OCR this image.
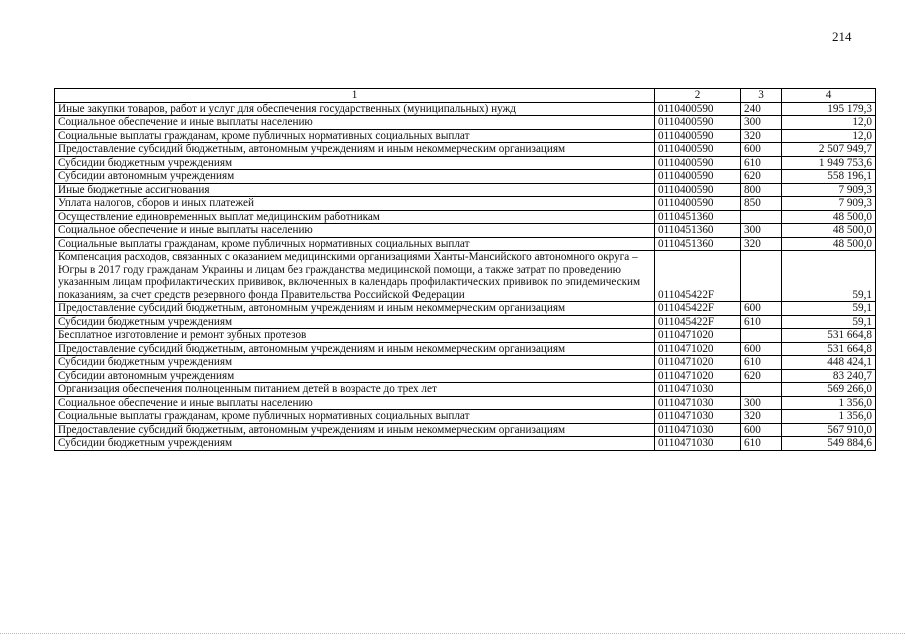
214
1	2	3	4
Иные закупки товаров, работ и услуг для обеспечения государственных (муниципальных) нужд	0110400590	240	195 179,3
Социальное обеспечение и иные выплаты населению	0110400590	300	12,0
Социальные выплаты гражданам, кроме публичных нормативных социальных выплат	0110400590	320	12,0
Предоставление субсидий бюджетным, автономным учреждениям и иным некоммерческим организациям	0110400590	600	2 507 949,7
Субсидии бюджетным учреждениям	0110400590	610	1 949 753,6
Субсидии автономным учреждениям	0110400590	620	558 196,1
Иные бюджетные ассигнования	0110400590	800	7 909,3
Уплата налогов, сборов и иных платежей	0110400590	850	7 909,3
Осуществление единовременных выплат медицинским работникам	0110451360		48 500,0
Социальное обеспечение и иные выплаты населению	0110451360	300	48 500,0
Социальные выплаты гражданам, кроме публичных нормативных социальных выплат	0110451360	320	48 500,0
Компенсация расходов, связанных с оказанием медицинскими организациями Ханты-Мансийского автономного округа – Югры в 2017 году гражданам Украины и лицам без гражданства медицинской помощи, а также затрат по проведению указанным лицам профилактических прививок, включенных в календарь профилактических прививок по эпидемическим показаниям, за счет средств резервного фонда Правительства Российской Федерации	011045422F		59,1
Предоставление субсидий бюджетным, автономным учреждениям и иным некоммерческим организациям	011045422F	600	59,1
Субсидии бюджетным учреждениям	011045422F	610	59,1
Бесплатное изготовление и ремонт зубных протезов	0110471020		531 664,8
Предоставление субсидий бюджетным, автономным учреждениям и иным некоммерческим организациям	0110471020	600	531 664,8
Субсидии бюджетным учреждениям	0110471020	610	448 424,1
Субсидии автономным учреждениям	0110471020	620	83 240,7
Организация обеспечения полноценным питанием детей в возрасте до трех лет	0110471030		569 266,0
Социальное обеспечение и иные выплаты населению	0110471030	300	1 356,0
Социальные выплаты гражданам, кроме публичных нормативных социальных выплат	0110471030	320	1 356,0
Предоставление субсидий бюджетным, автономным учреждениям и иным некоммерческим организациям	0110471030	600	567 910,0
Субсидии бюджетным учреждениям	0110471030	610	549 884,6
